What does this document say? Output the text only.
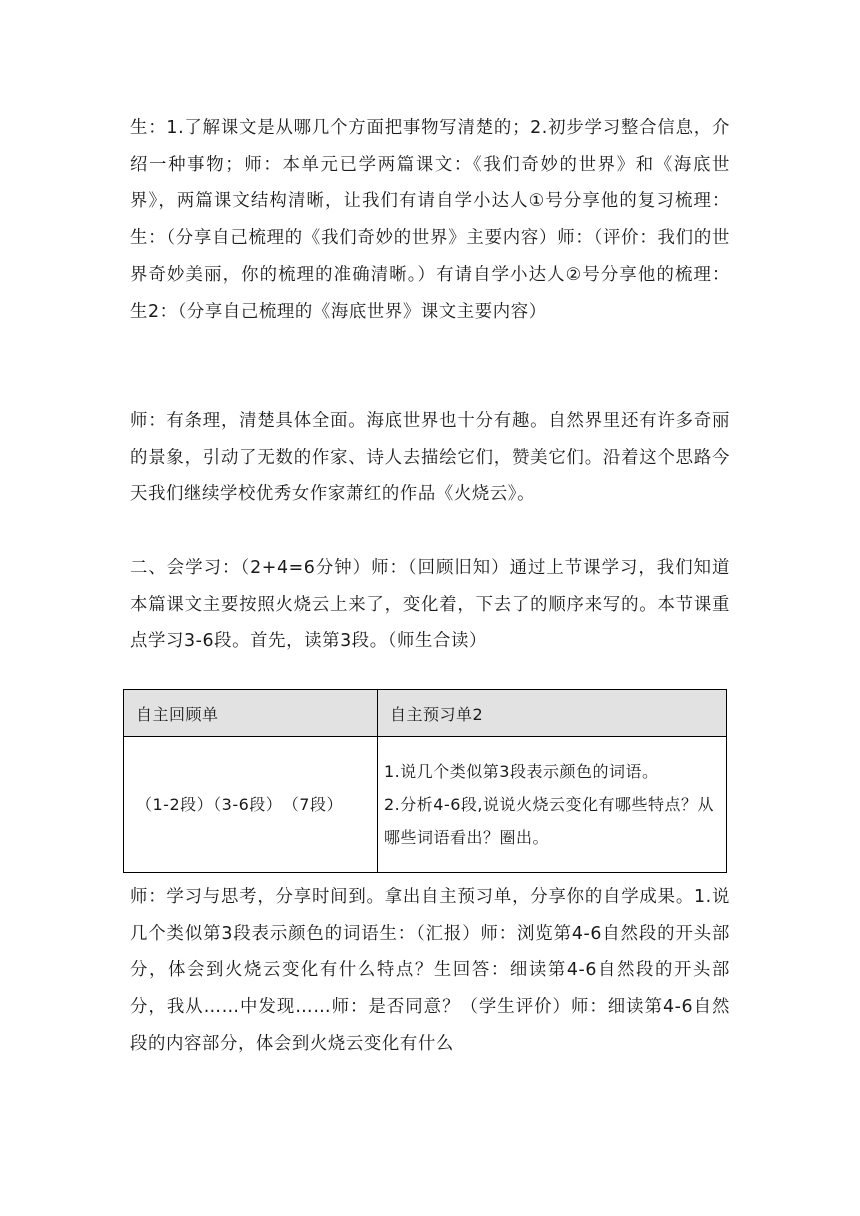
生：1.了解课文是从哪几个方面把事物写清楚的；2.初步学习整合信息，介绍一种事物；师：本单元已学两篇课文：《我们奇妙的世界》和《海底世界》，两篇课文结构清晰，让我们有请自学小达人①号分享他的复习梳理：生：（分享自己梳理的《我们奇妙的世界》主要内容）师：（评价：我们的世界奇妙美丽，你的梳理的准确清晰。）有请自学小达人②号分享他的梳理：生2：（分享自己梳理的《海底世界》课文主要内容）

师：有条理，清楚具体全面。海底世界也十分有趣。自然界里还有许多奇丽的景象，引动了无数的作家、诗人去描绘它们，赞美它们。沿着这个思路今天我们继续学校优秀女作家萧红的作品《火烧云》。

二、会学习：（2+4=6分钟）师：（回顾旧知）通过上节课学习，我们知道本篇课文主要按照火烧云上来了，变化着，下去了的顺序来写的。本节课重点学习3-6段。首先，读第3段。（师生合读）

自主回顾单	自主预习单2
（1-2段）（3-6段）　（7段）	1.说几个类似第3段表示颜色的词语。
2.分析4-6段,说说火烧云变化有哪些特点？从哪些词语看出？圈出。

师：学习与思考，分享时间到。拿出自主预习单，分享你的自学成果。1.说几个类似第3段表示颜色的词语生：（汇报）师：浏览第4-6自然段的开头部分，体会到火烧云变化有什么特点？生回答：细读第4-6自然段的开头部分，我从……中发现……师：是否同意？（学生评价）师：细读第4-6自然段的内容部分，体会到火烧云变化有什么
